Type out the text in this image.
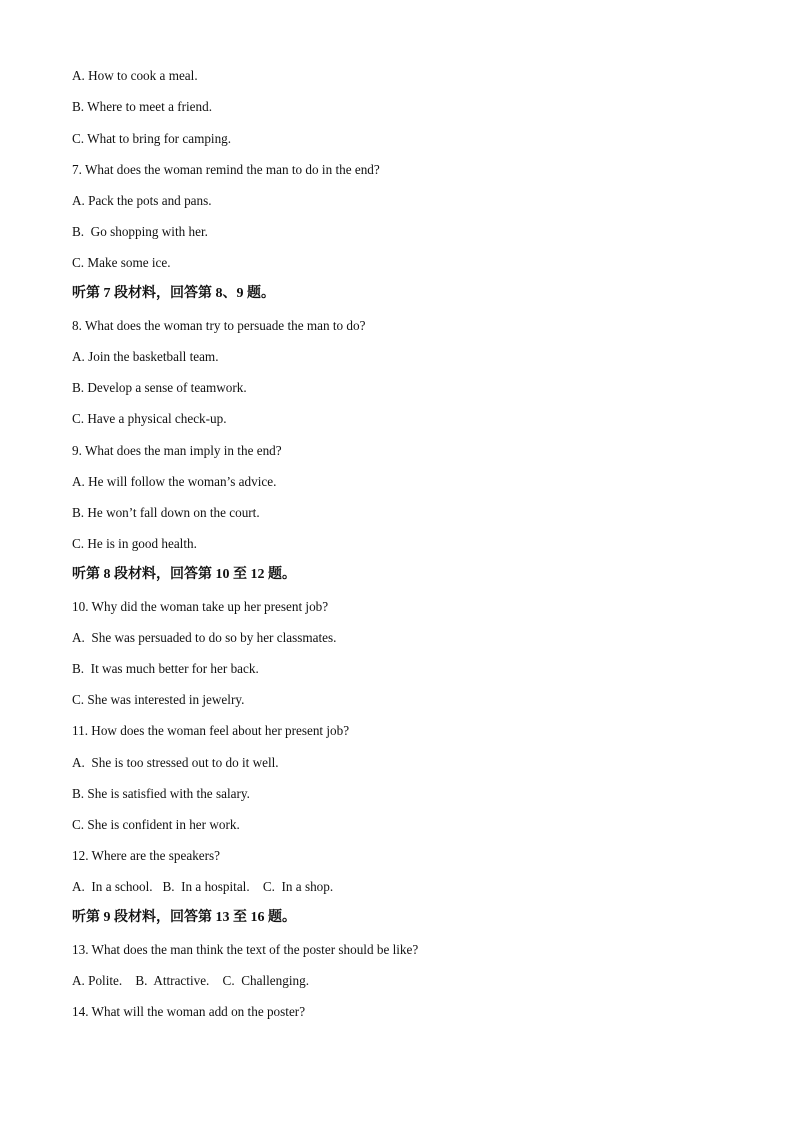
A. How to cook a meal.
B. Where to meet a friend.
C. What to bring for camping.
7. What does the woman remind the man to do in the end?
A. Pack the pots and pans.
B.  Go shopping with her.
C. Make some ice.
听第 7 段材料，回答第 8、9 题。
8. What does the woman try to persuade the man to do?
A. Join the basketball team.
B. Develop a sense of teamwork.
C. Have a physical check-up.
9. What does the man imply in the end?
A. He will follow the woman’s advice.
B. He won’t fall down on the court.
C. He is in good health.
听第 8 段材料，回答第 10 至 12 题。
10. Why did the woman take up her present job?
A.  She was persuaded to do so by her classmates.
B.  It was much better for her back.
C. She was interested in jewelry.
11. How does the woman feel about her present job?
A.  She is too stressed out to do it well.
B. She is satisfied with the salary.
C. She is confident in her work.
12. Where are the speakers?
A.  In a school.   B.  In a hospital.    C.  In a shop.
听第 9 段材料，回答第 13 至 16 题。
13. What does the man think the text of the poster should be like?
A. Polite.    B.  Attractive.    C.  Challenging.
14. What will the woman add on the poster?
